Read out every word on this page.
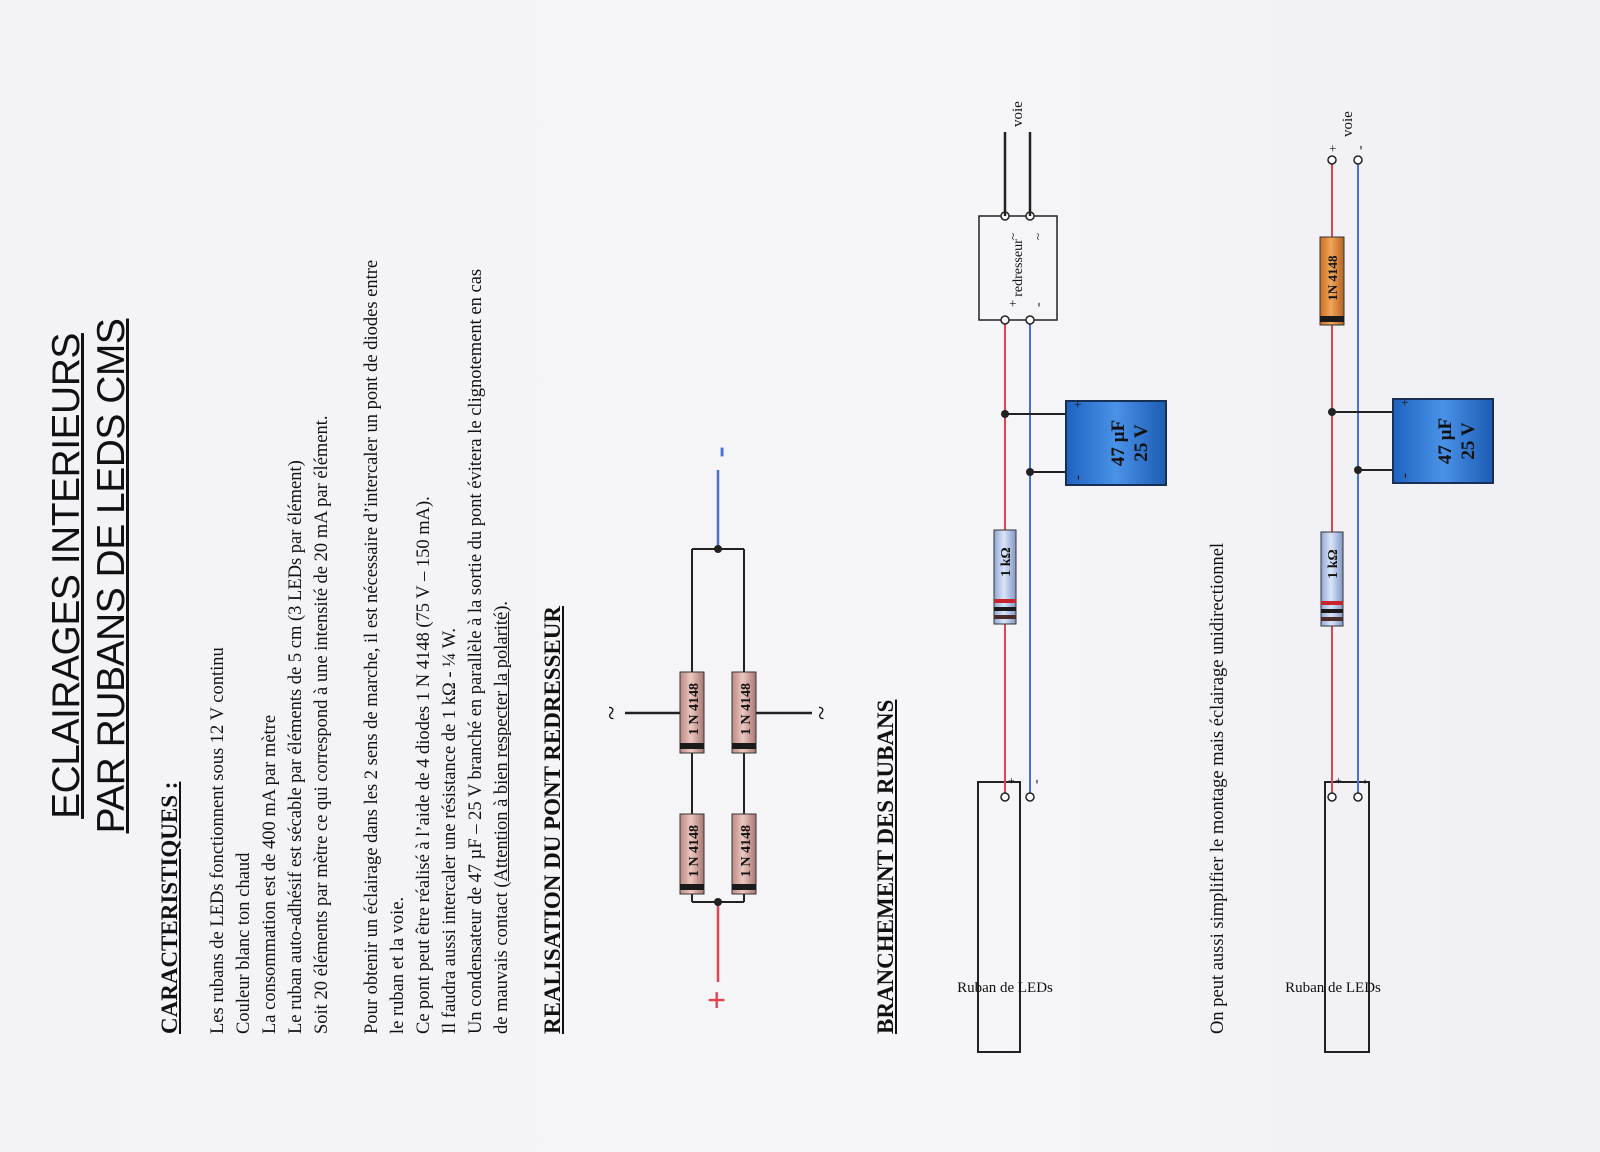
ECLAIRAGES INTERIEURS PAR RUBANS DE LEDS CMS
CARACTERISTIQUES : Les rubans de LEDs fonctionnent sous 12 V continu Couleur blanc ton chaud La consommation est de 400 mA par mètre Le ruban auto-adhésif est sécable par éléments de 5 cm (3 LEDs par élément) Soit 20 éléments par mètre ce qui correspond à une intensité de 20 mA par élément. Pour obtenir un éclairage dans les 2 sens de marche, il est nécessaire d’intercaler un pont de diodes entre le ruban et la voie. Ce pont peut être réalisé à l’aide de 4 diodes 1 N 4148 (75 V – 150 mA). Il faudra aussi intercaler une résistance de 1 kΩ - ¼ W. Un condensateur de 47 µF – 25 V branché en parallèle à la sortie du pont évitera le clignotement en cas de mauvais contact (Attention à bien respecter la polarité). REALISATION DU PONT REDRESSEUR	BRANCHEMENT DES RUBANS	On peut aussi simplifier le montage mais éclairage unidirectionnel
1 N 4148	1 N 4148
1 N 4148	1 N 4148
+
-
~	~
Ruban de LEDs
+ -
1 kΩ
+
-
47 µF 25 V
+ -
~ ~
redresseur
voie
Ruban de LEDs
+ -
1 kΩ
+
-
47 µF 25 V
1N 4148
+ -
voie
